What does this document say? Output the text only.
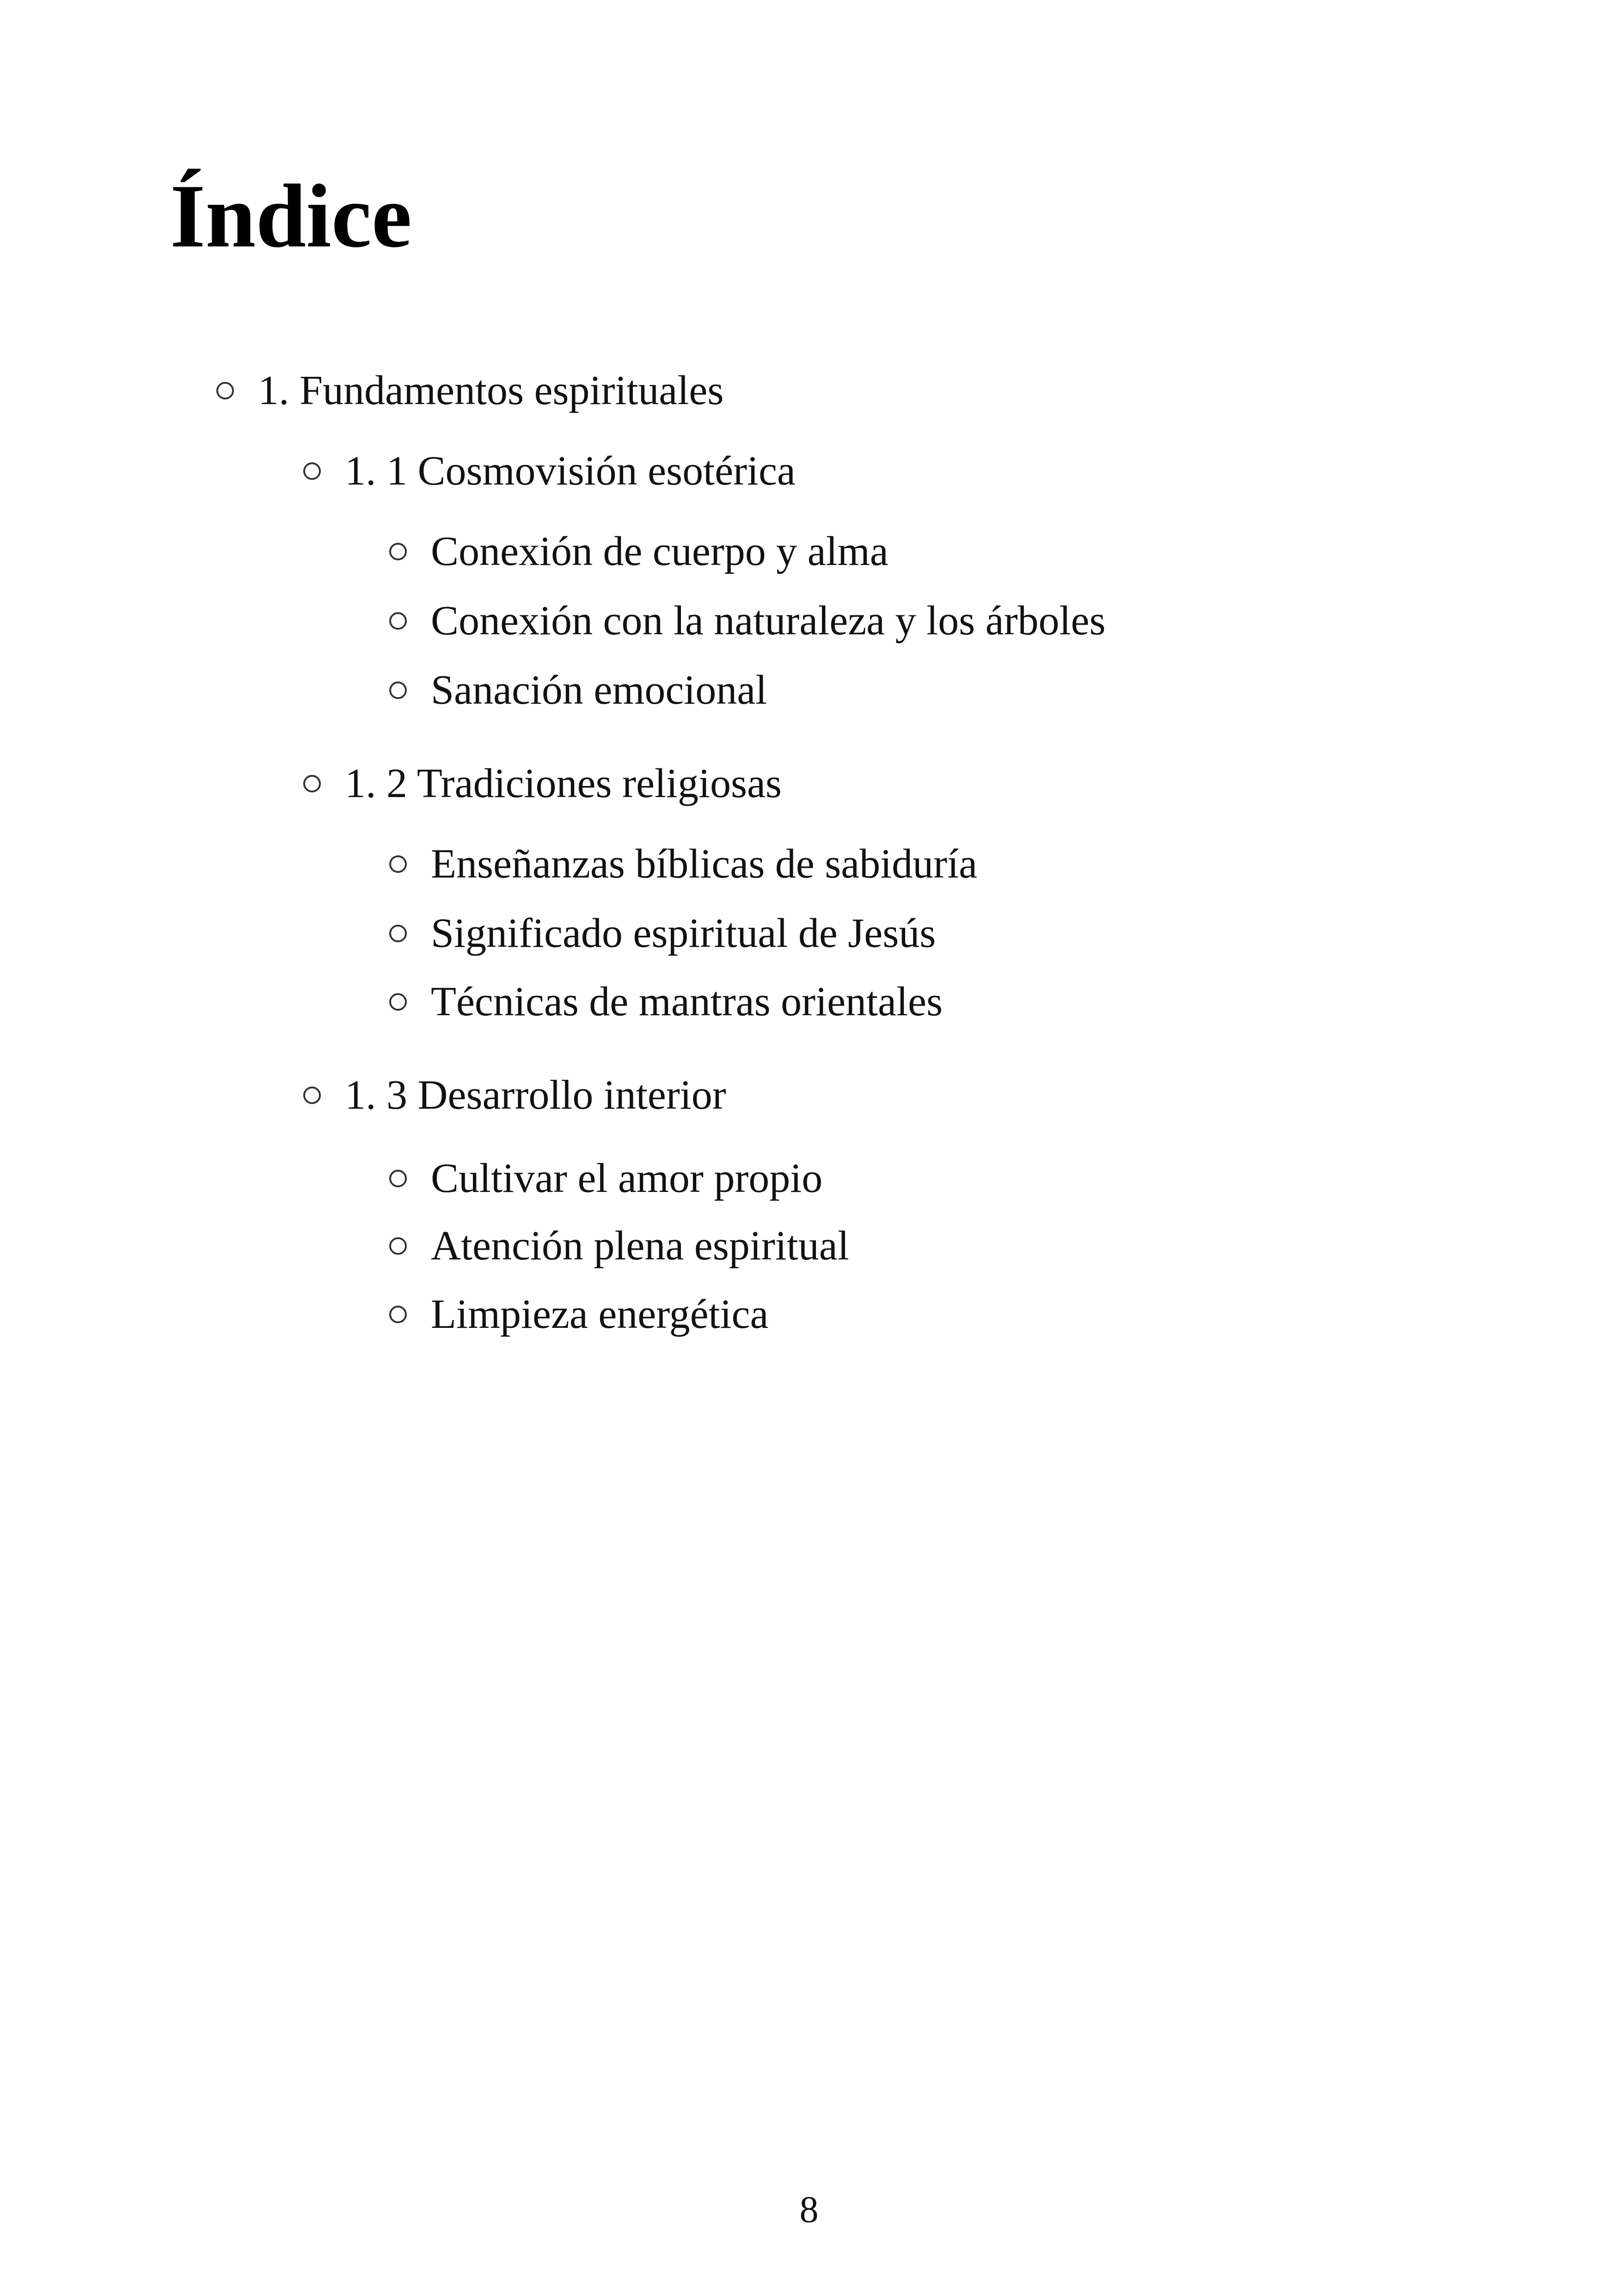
Índice
1. Fundamentos espirituales
1. 1 Cosmovisión esotérica
Conexión de cuerpo y alma
Conexión con la naturaleza y los árboles
Sanación emocional
1. 2 Tradiciones religiosas
Enseñanzas bíblicas de sabiduría
Significado espiritual de Jesús
Técnicas de mantras orientales
1. 3 Desarrollo interior
Cultivar el amor propio
Atención plena espiritual
Limpieza energética
8
